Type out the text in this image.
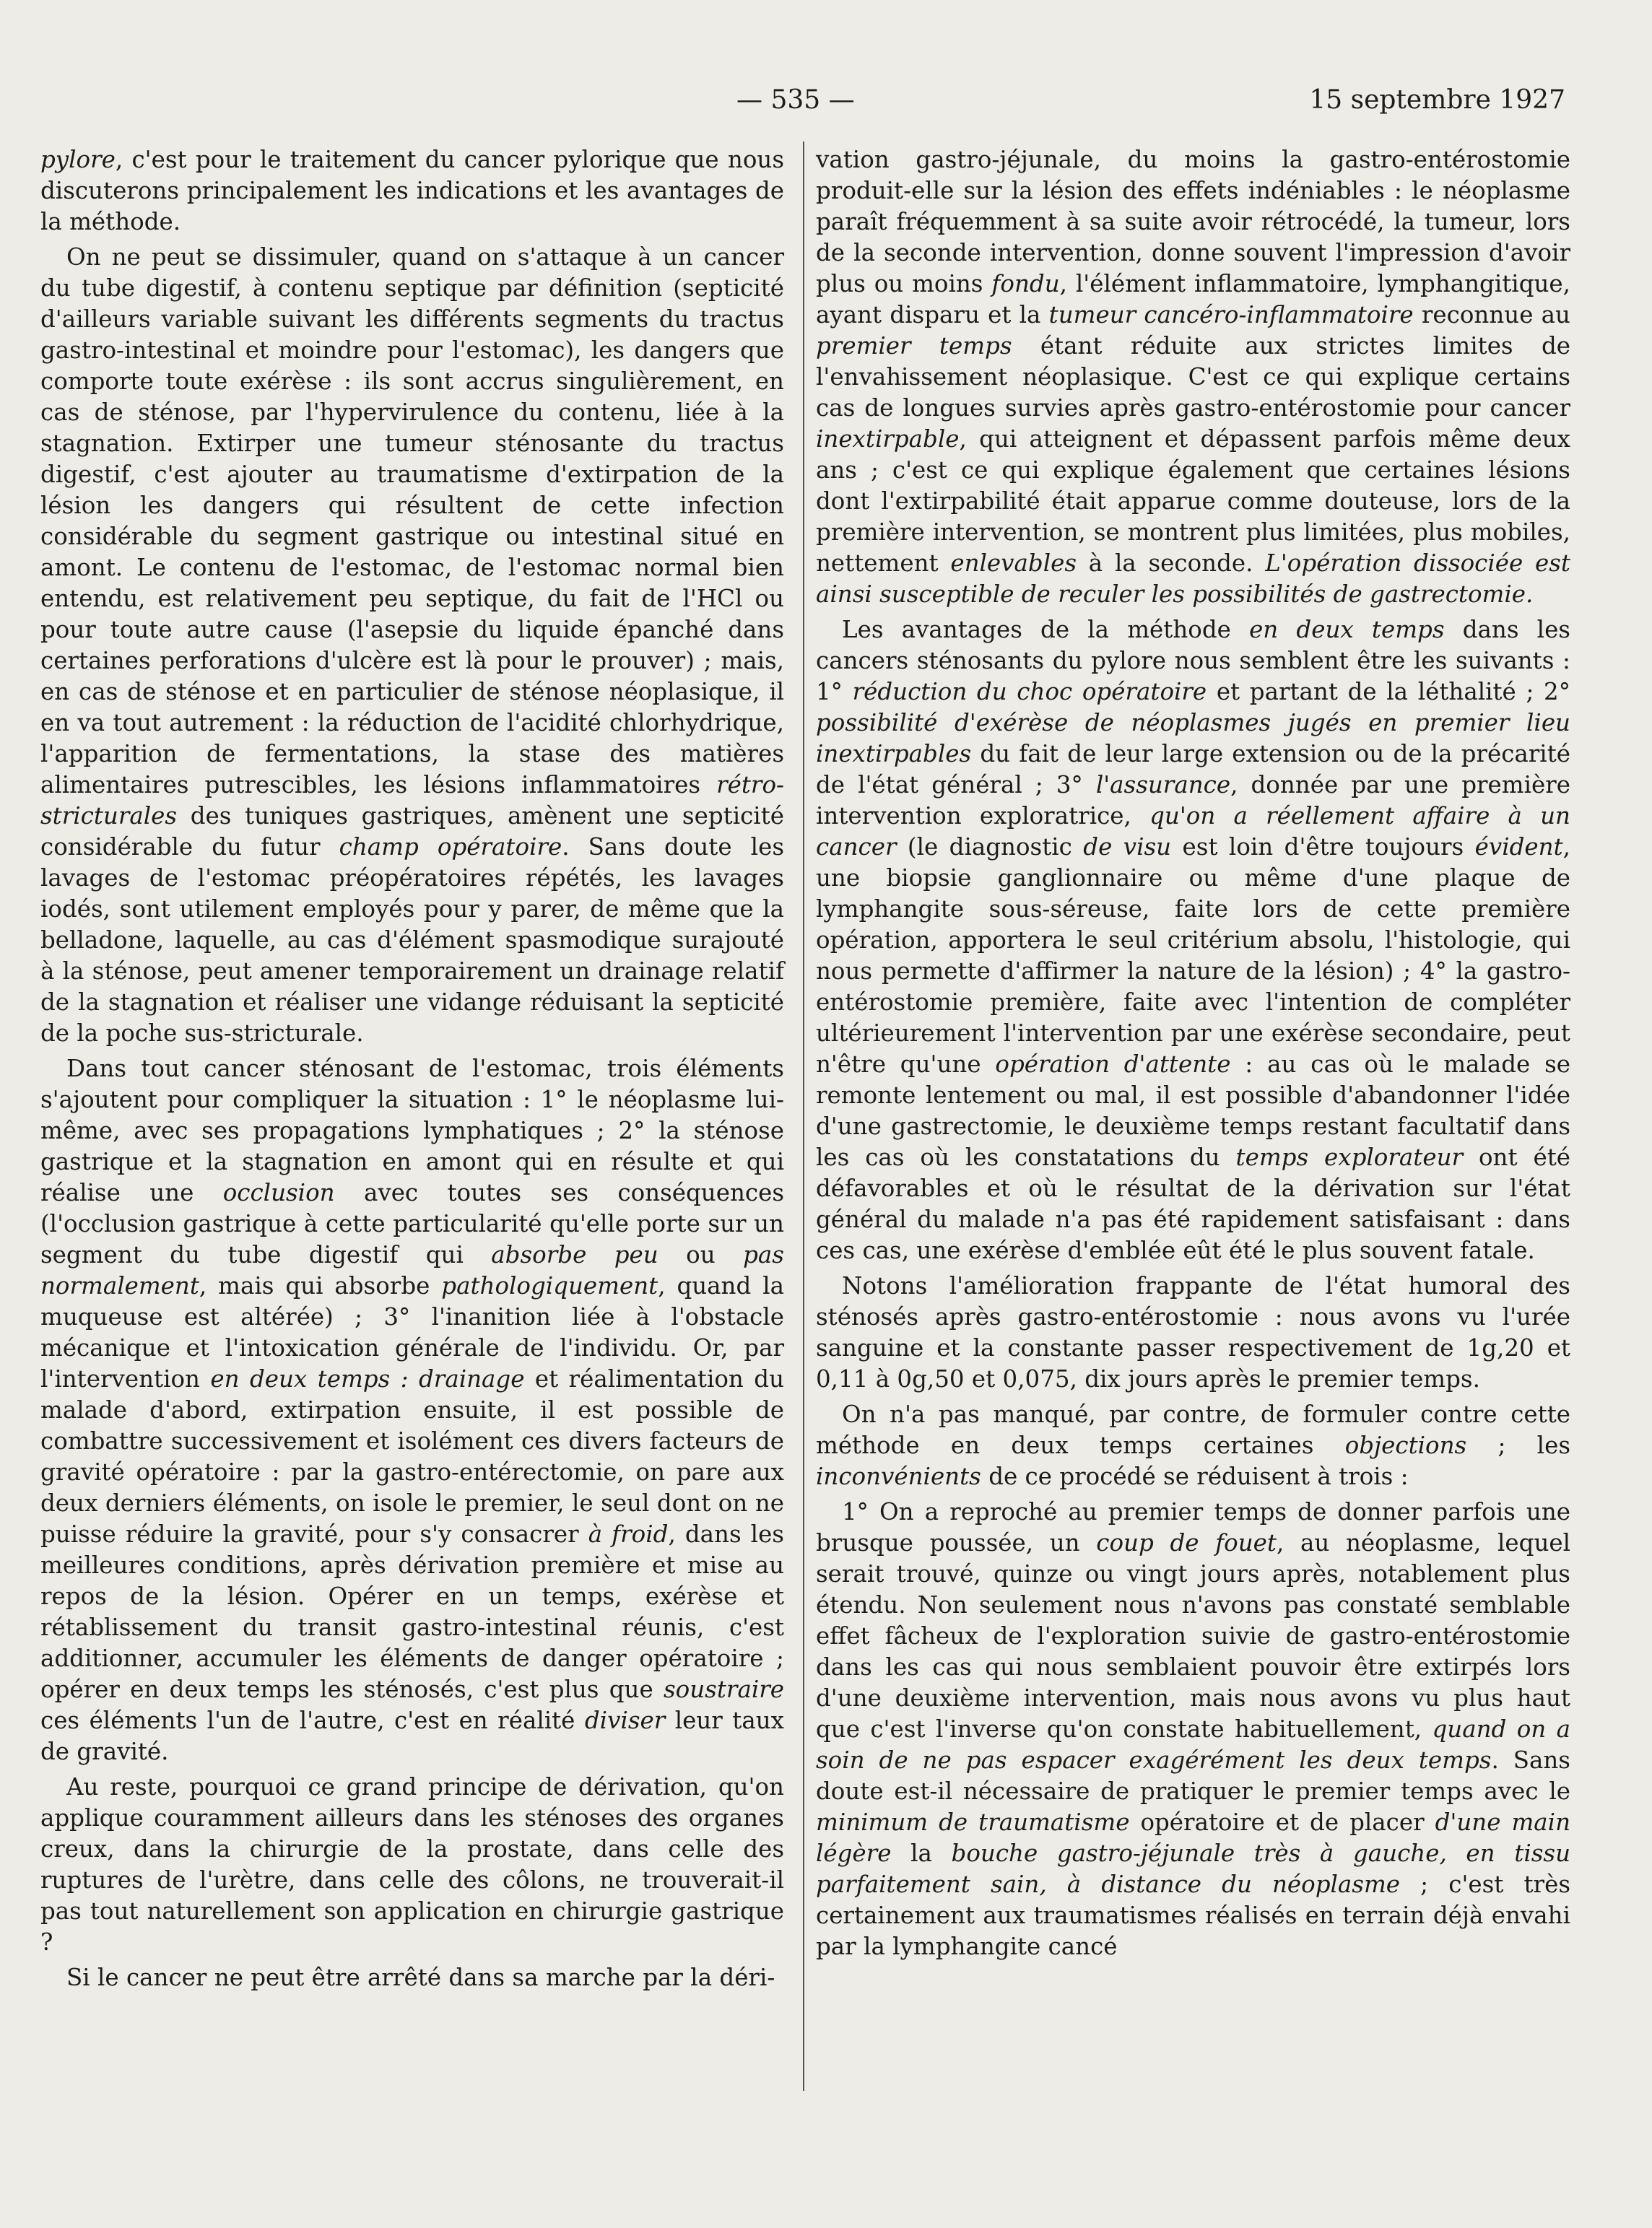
— 535 —	15 septembre 1927

pylore, c'est pour le traitement du cancer pylorique que nous discuterons principalement les indications et les avantages de la méthode.

On ne peut se dissimuler, quand on s'attaque à un cancer du tube digestif, à contenu septique par définition (septicité d'ailleurs variable suivant les différents segments du tractus gastro-intestinal et moindre pour l'estomac), les dangers que comporte toute exérèse : ils sont accrus singulièrement, en cas de sténose, par l'hypervirulence du contenu, liée à la stagnation. Extirper une tumeur sténosante du tractus digestif, c'est ajouter au traumatisme d'extirpation de la lésion les dangers qui résultent de cette infection considérable du segment gastrique ou intestinal situé en amont. Le contenu de l'estomac, de l'estomac normal bien entendu, est relativement peu septique, du fait de l'HCl ou pour toute autre cause (l'asepsie du liquide épanché dans certaines perforations d'ulcère est là pour le prouver) ; mais, en cas de sténose et en particulier de sténose néoplasique, il en va tout autrement : la réduction de l'acidité chlorhydrique, l'apparition de fermentations, la stase des matières alimentaires putrescibles, les lésions inflammatoires rétro-stricturales des tuniques gastriques, amènent une septicité considérable du futur champ opératoire. Sans doute les lavages de l'estomac préopératoires répétés, les lavages iodés, sont utilement employés pour y parer, de même que la belladone, laquelle, au cas d'élément spasmodique surajouté à la sténose, peut amener temporairement un drainage relatif de la stagnation et réaliser une vidange réduisant la septicité de la poche sus-stricturale.

Dans tout cancer sténosant de l'estomac, trois éléments s'ajoutent pour compliquer la situation : 1° le néoplasme lui-même, avec ses propagations lymphatiques ; 2° la sténose gastrique et la stagnation en amont qui en résulte et qui réalise une occlusion avec toutes ses conséquences (l'occlusion gastrique à cette particularité qu'elle porte sur un segment du tube digestif qui absorbe peu ou pas normalement, mais qui absorbe pathologiquement, quand la muqueuse est altérée) ; 3° l'inanition liée à l'obstacle mécanique et l'intoxication générale de l'individu. Or, par l'intervention en deux temps : drainage et réalimentation du malade d'abord, extirpation ensuite, il est possible de combattre successivement et isolément ces divers facteurs de gravité opératoire : par la gastro-entérectomie, on pare aux deux derniers éléments, on isole le premier, le seul dont on ne puisse réduire la gravité, pour s'y consacrer à froid, dans les meilleures conditions, après dérivation première et mise au repos de la lésion. Opérer en un temps, exérèse et rétablissement du transit gastro-intestinal réunis, c'est additionner, accumuler les éléments de danger opératoire ; opérer en deux temps les sténosés, c'est plus que soustraire ces éléments l'un de l'autre, c'est en réalité diviser leur taux de gravité.

Au reste, pourquoi ce grand principe de dérivation, qu'on applique couramment ailleurs dans les sténoses des organes creux, dans la chirurgie de la prostate, dans celle des ruptures de l'urètre, dans celle des côlons, ne trouverait-il pas tout naturellement son application en chirurgie gastrique ?

Si le cancer ne peut être arrêté dans sa marche par la déri-

vation gastro-jéjunale, du moins la gastro-entérostomie produit-elle sur la lésion des effets indéniables : le néoplasme paraît fréquemment à sa suite avoir rétrocédé, la tumeur, lors de la seconde intervention, donne souvent l'impression d'avoir plus ou moins fondu, l'élément inflammatoire, lymphangitique, ayant disparu et la tumeur cancéro-inflammatoire reconnue au premier temps étant réduite aux strictes limites de l'envahissement néoplasique. C'est ce qui explique certains cas de longues survies après gastro-entérostomie pour cancer inextirpable, qui atteignent et dépassent parfois même deux ans ; c'est ce qui explique également que certaines lésions dont l'extirpabilité était apparue comme douteuse, lors de la première intervention, se montrent plus limitées, plus mobiles, nettement enlevables à la seconde. L'opération dissociée est ainsi susceptible de reculer les possibilités de gastrectomie.

Les avantages de la méthode en deux temps dans les cancers sténosants du pylore nous semblent être les suivants : 1° réduction du choc opératoire et partant de la léthalité ; 2° possibilité d'exérèse de néoplasmes jugés en premier lieu inextirpables du fait de leur large extension ou de la précarité de l'état général ; 3° l'assurance, donnée par une première intervention exploratrice, qu'on a réellement affaire à un cancer (le diagnostic de visu est loin d'être toujours évident, une biopsie ganglionnaire ou même d'une plaque de lymphangite sous-séreuse, faite lors de cette première opération, apportera le seul critérium absolu, l'histologie, qui nous permette d'affirmer la nature de la lésion) ; 4° la gastro-entérostomie première, faite avec l'intention de compléter ultérieurement l'intervention par une exérèse secondaire, peut n'être qu'une opération d'attente : au cas où le malade se remonte lentement ou mal, il est possible d'abandonner l'idée d'une gastrectomie, le deuxième temps restant facultatif dans les cas où les constatations du temps explorateur ont été défavorables et où le résultat de la dérivation sur l'état général du malade n'a pas été rapidement satisfaisant : dans ces cas, une exérèse d'emblée eût été le plus souvent fatale.

Notons l'amélioration frappante de l'état humoral des sténosés après gastro-entérostomie : nous avons vu l'urée sanguine et la constante passer respectivement de 1g,20 et 0,11 à 0g,50 et 0,075, dix jours après le premier temps.

On n'a pas manqué, par contre, de formuler contre cette méthode en deux temps certaines objections ; les inconvénients de ce procédé se réduisent à trois :

1° On a reproché au premier temps de donner parfois une brusque poussée, un coup de fouet, au néoplasme, lequel serait trouvé, quinze ou vingt jours après, notablement plus étendu. Non seulement nous n'avons pas constaté semblable effet fâcheux de l'exploration suivie de gastro-entérostomie dans les cas qui nous semblaient pouvoir être extirpés lors d'une deuxième intervention, mais nous avons vu plus haut que c'est l'inverse qu'on constate habituellement, quand on a soin de ne pas espacer exagérément les deux temps. Sans doute est-il nécessaire de pratiquer le premier temps avec le minimum de traumatisme opératoire et de placer d'une main légère la bouche gastro-jéjunale très à gauche, en tissu parfaitement sain, à distance du néoplasme ; c'est très certainement aux traumatismes réalisés en terrain déjà envahi par la lymphangite cancé
